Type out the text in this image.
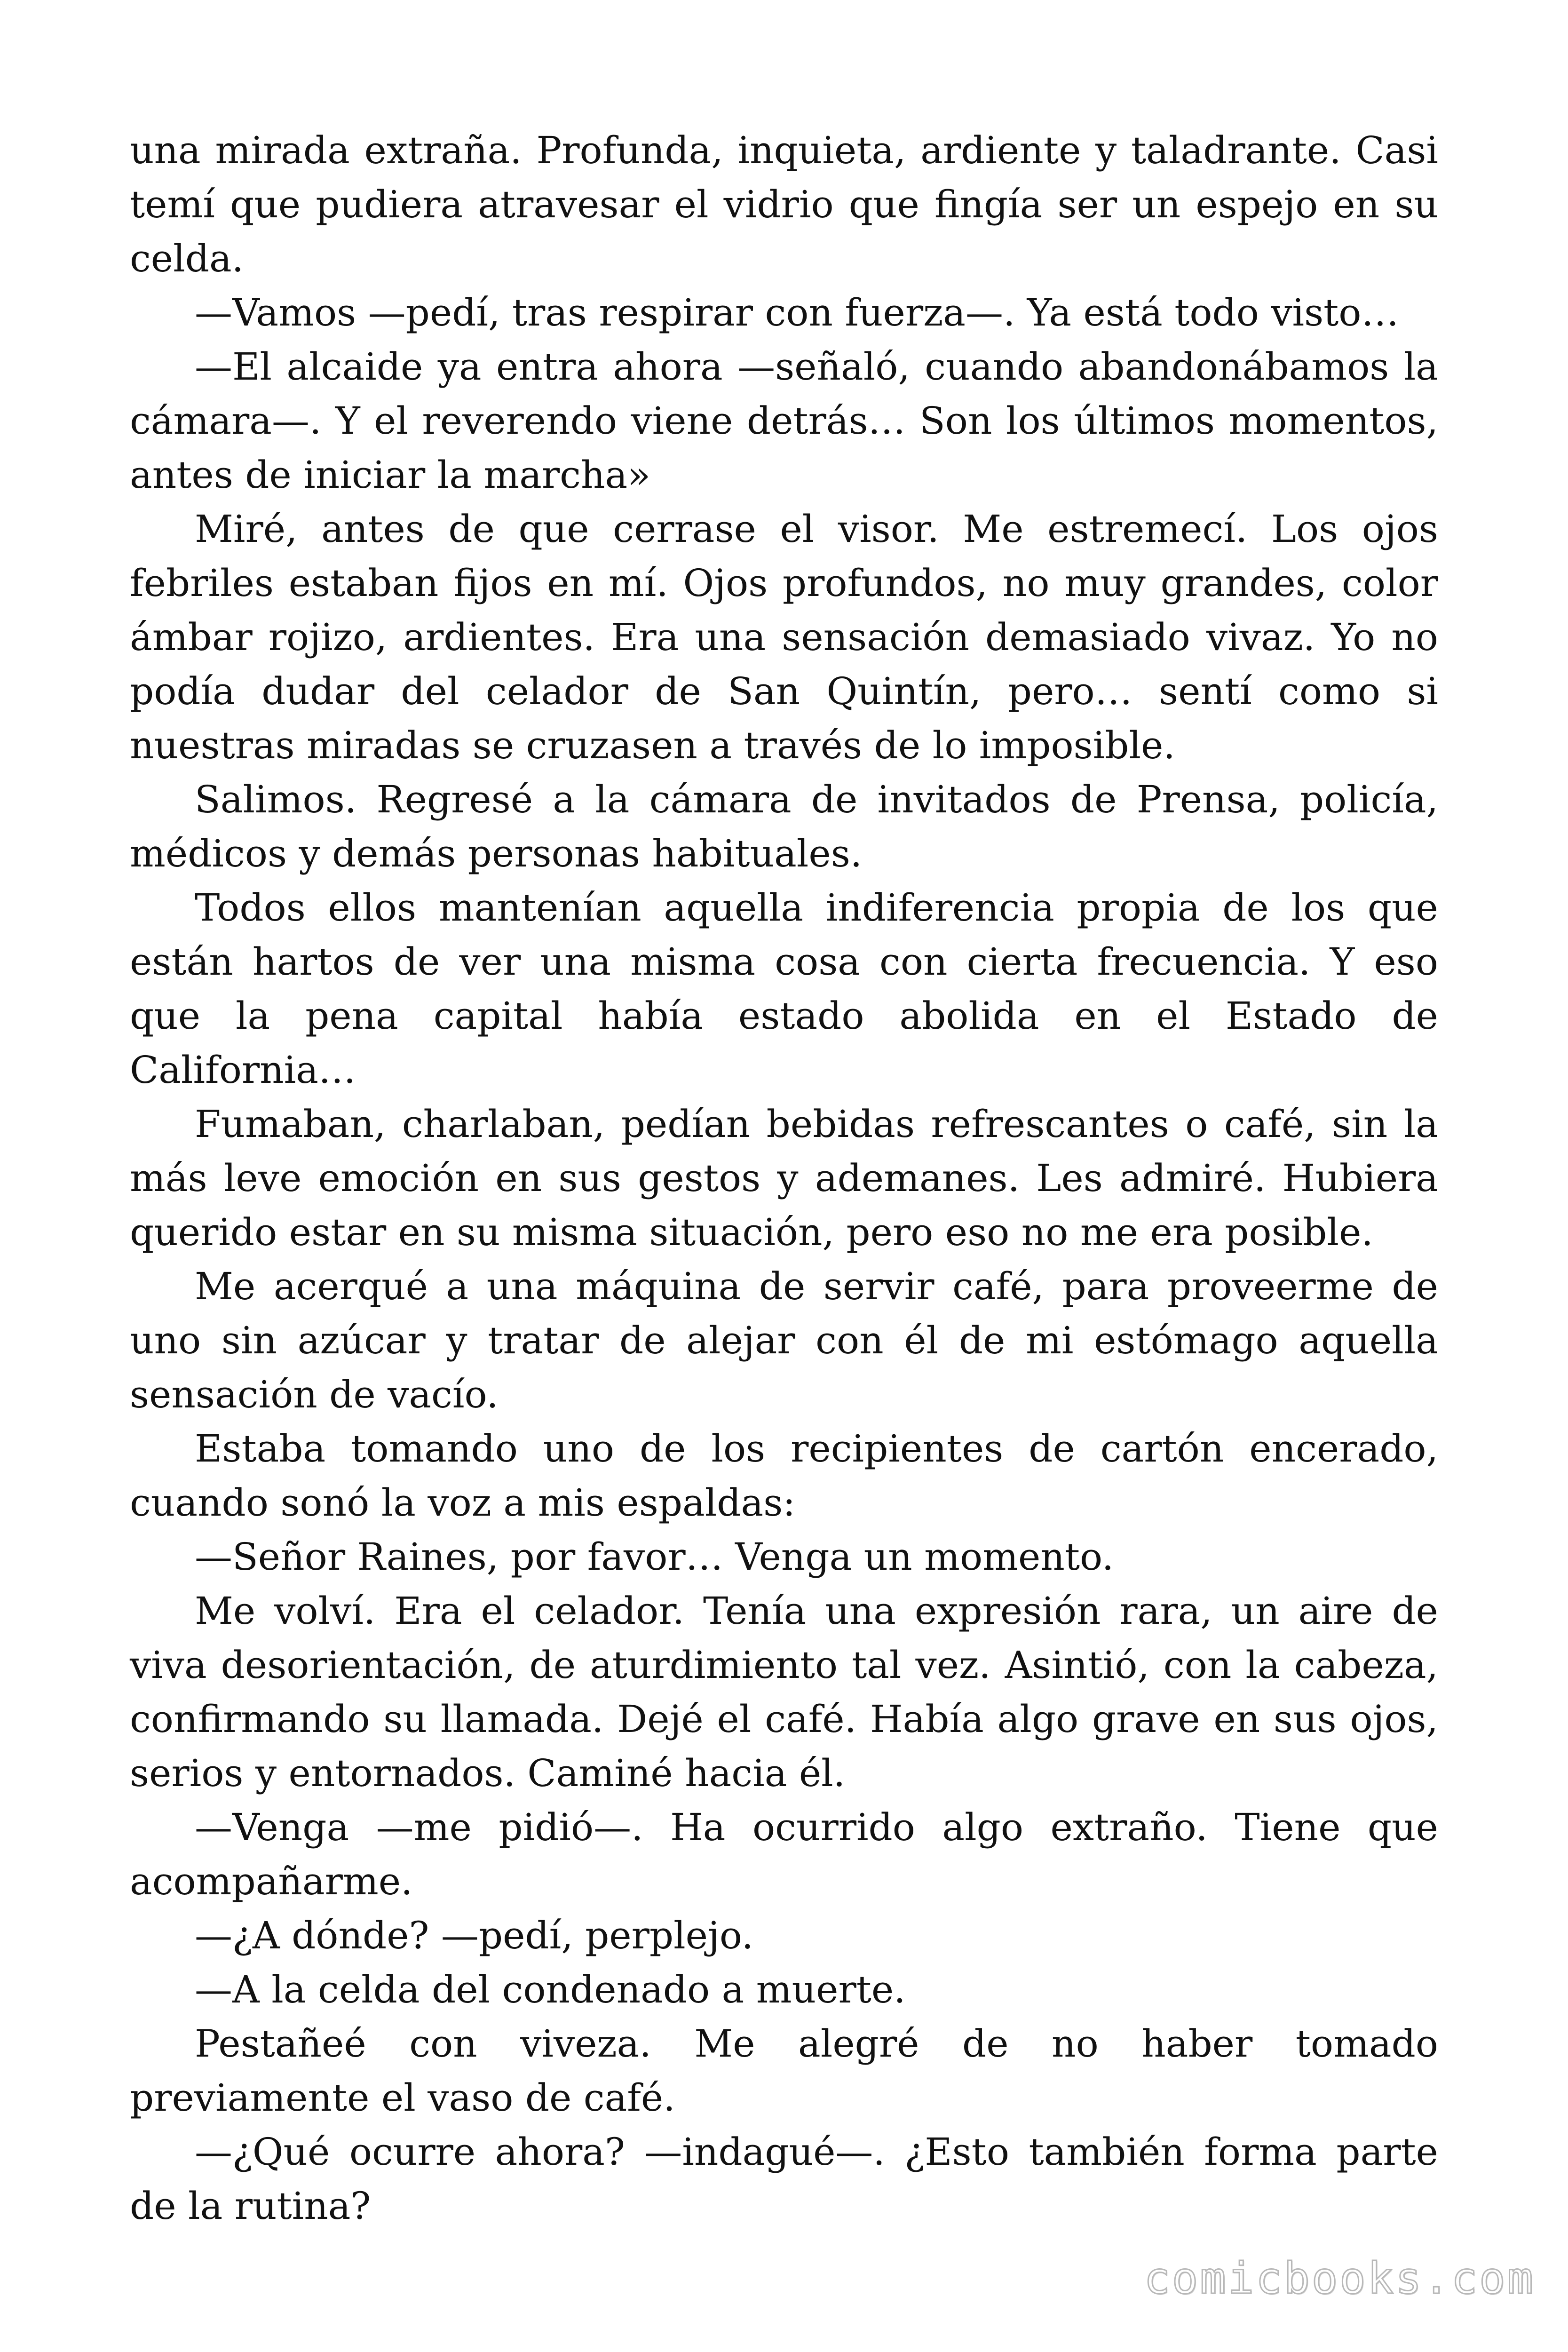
una mirada extraña. Profunda, inquieta, ardiente y taladrante. Casi temí que pudiera atravesar el vidrio que fingía ser un espejo en su celda.

—Vamos —pedí, tras respirar con fuerza—. Ya está todo visto…

—El alcaide ya entra ahora —señaló, cuando abandonábamos la cámara—. Y el reverendo viene detrás… Son los últimos momentos, antes de iniciar la marcha»

Miré, antes de que cerrase el visor. Me estremecí. Los ojos febriles estaban fijos en mí. Ojos profundos, no muy grandes, color ámbar rojizo, ardientes. Era una sensación demasiado vivaz. Yo no podía dudar del celador de San Quintín, pero… sentí como si nuestras miradas se cruzasen a través de lo imposible.

Salimos. Regresé a la cámara de invitados de Prensa, policía, médicos y demás personas habituales.

Todos ellos mantenían aquella indiferencia propia de los que están hartos de ver una misma cosa con cierta frecuencia. Y eso que la pena capital había estado abolida en el Estado de California…

Fumaban, charlaban, pedían bebidas refrescantes o café, sin la más leve emoción en sus gestos y ademanes. Les admiré. Hubiera querido estar en su misma situación, pero eso no me era posible.

Me acerqué a una máquina de servir café, para proveerme de uno sin azúcar y tratar de alejar con él de mi estómago aquella sensación de vacío.

Estaba tomando uno de los recipientes de cartón encerado, cuando sonó la voz a mis espaldas:

—Señor Raines, por favor… Venga un momento.

Me volví. Era el celador. Tenía una expresión rara, un aire de viva desorientación, de aturdimiento tal vez. Asintió, con la cabeza, confirmando su llamada. Dejé el café. Había algo grave en sus ojos, serios y entornados. Caminé hacia él.

—Venga —me pidió—. Ha ocurrido algo extraño. Tiene que acompañarme.

—¿A dónde? —pedí, perplejo.

—A la celda del condenado a muerte.

Pestañeé con viveza. Me alegré de no haber tomado previamente el vaso de café.

—¿Qué ocurre ahora? —indagué—. ¿Esto también forma parte de la rutina?

comicbooks.com
